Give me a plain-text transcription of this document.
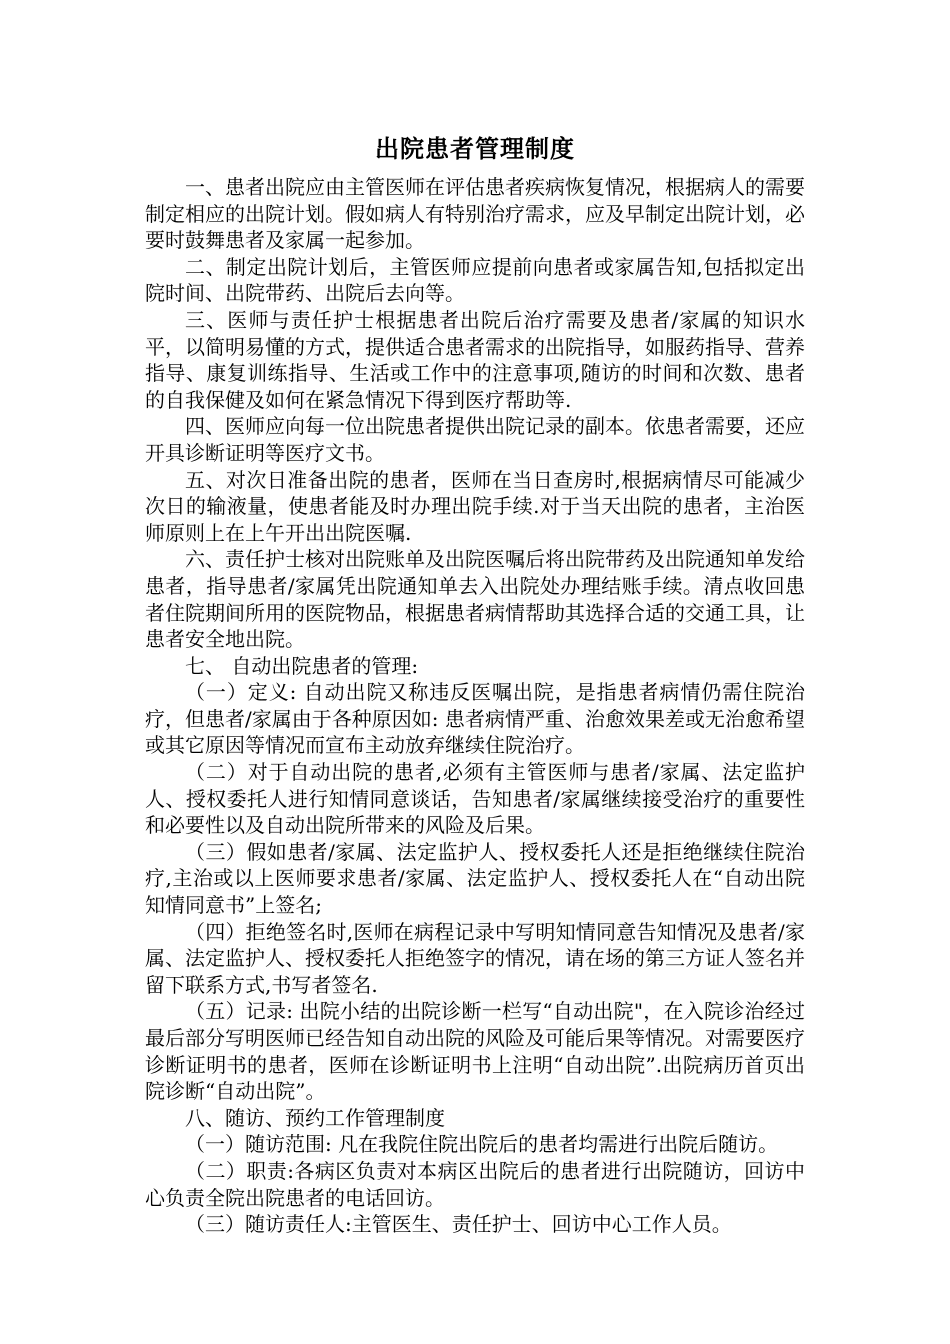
出院患者管理制度

一、患者出院应由主管医师在评估患者疾病恢复情况，根据病人的需要制定相应的出院计划。假如病人有特别治疗需求，应及早制定出院计划，必要时鼓舞患者及家属一起参加。

二、制定出院计划后，主管医师应提前向患者或家属告知,包括拟定出院时间、出院带药、出院后去向等。

三、医师与责任护士根据患者出院后治疗需要及患者/家属的知识水平，以简明易懂的方式，提供适合患者需求的出院指导，如服药指导、营养指导、康复训练指导、生活或工作中的注意事项,随访的时间和次数、患者的自我保健及如何在紧急情况下得到医疗帮助等.

四、医师应向每一位出院患者提供出院记录的副本。依患者需要，还应开具诊断证明等医疗文书。

五、对次日准备出院的患者，医师在当日查房时,根据病情尽可能减少次日的输液量，使患者能及时办理出院手续.对于当天出院的患者，主治医师原则上在上午开出出院医嘱.

六、责任护士核对出院账单及出院医嘱后将出院带药及出院通知单发给患者，指导患者/家属凭出院通知单去入出院处办理结账手续。清点收回患者住院期间所用的医院物品，根据患者病情帮助其选择合适的交通工具，让患者安全地出院。

七、 自动出院患者的管理:

（一）定义: 自动出院又称违反医嘱出院，是指患者病情仍需住院治疗，但患者/家属由于各种原因如: 患者病情严重、治愈效果差或无治愈希望或其它原因等情况而宣布主动放弃继续住院治疗。

（二）对于自动出院的患者,必须有主管医师与患者/家属、法定监护人、授权委托人进行知情同意谈话，告知患者/家属继续接受治疗的重要性和必要性以及自动出院所带来的风险及后果。

（三）假如患者/家属、法定监护人、授权委托人还是拒绝继续住院治疗,主治或以上医师要求患者/家属、法定监护人、授权委托人在“自动出院知情同意书”上签名;

（四）拒绝签名时,医师在病程记录中写明知情同意告知情况及患者/家属、法定监护人、授权委托人拒绝签字的情况，请在场的第三方证人签名并留下联系方式,书写者签名.

（五）记录: 出院小结的出院诊断一栏写“自动出院"，在入院诊治经过最后部分写明医师已经告知自动出院的风险及可能后果等情况。对需要医疗诊断证明书的患者，医师在诊断证明书上注明“自动出院”.出院病历首页出院诊断“自动出院”。

八、随访、预约工作管理制度

（一）随访范围: 凡在我院住院出院后的患者均需进行出院后随访。

（二）职责:各病区负责对本病区出院后的患者进行出院随访，回访中心负责全院出院患者的电话回访。

（三）随访责任人:主管医生、责任护士、回访中心工作人员。
